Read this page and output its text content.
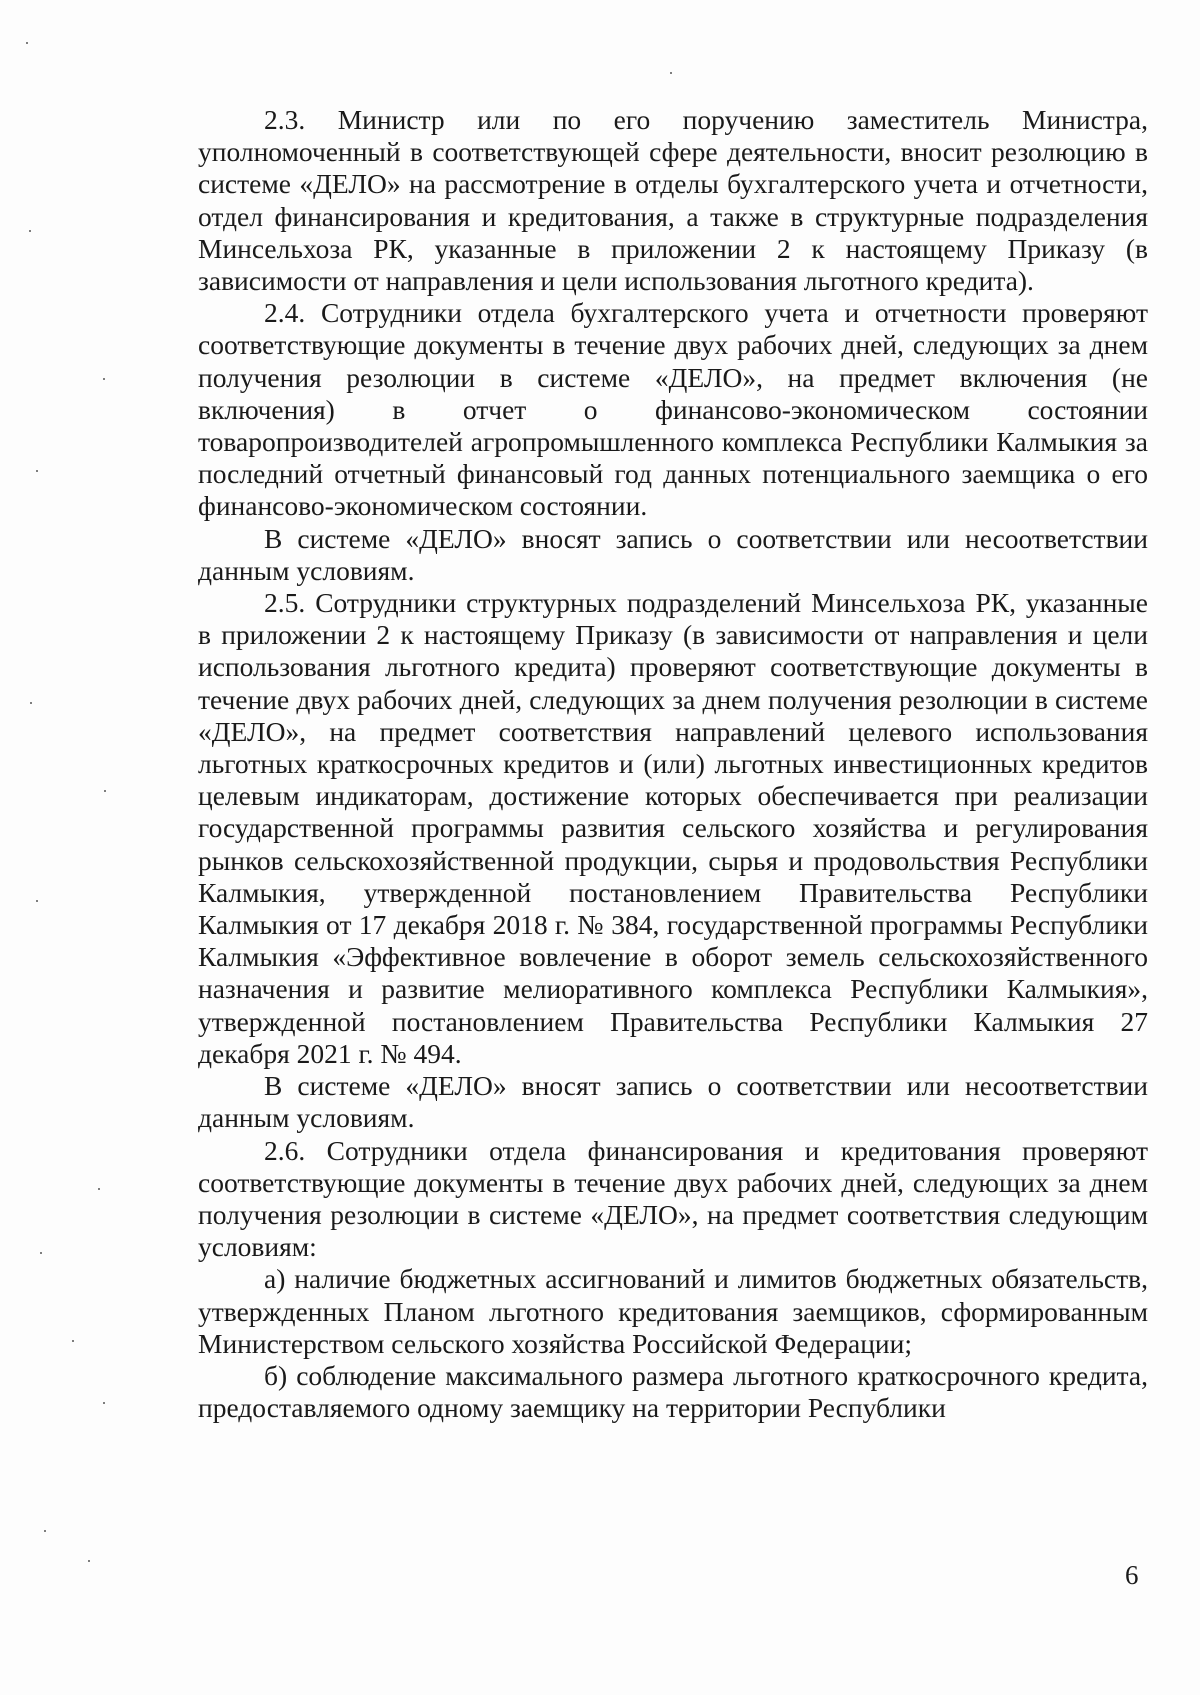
2.3. Министр или по его поручению заместитель Министра, уполномоченный в соответствующей сфере деятельности, вносит резолюцию в системе «ДЕЛО» на рассмотрение в отделы бухгалтерского учета и отчетности, отдел финансирования и кредитования, а также в структурные подразделения Минсельхоза РК, указанные в приложении 2 к настоящему Приказу (в зависимости от направления и цели использования льготного кредита).

2.4. Сотрудники отдела бухгалтерского учета и отчетности проверяют соответствующие документы в течение двух рабочих дней, следующих за днем получения резолюции в системе «ДЕЛО», на предмет включения (не включения) в отчет о финансово-экономическом состоянии товаропроизводителей агропромышленного комплекса Республики Калмыкия за последний отчетный финансовый год данных потенциального заемщика о его финансово-экономическом состоянии.

В системе «ДЕЛО» вносят запись о соответствии или несоответствии данным условиям.

2.5. Сотрудники структурных подразделений Минсельхоза РК, указанные в приложении 2 к настоящему Приказу (в зависимости от направления и цели использования льготного кредита) проверяют соответствующие документы в течение двух рабочих дней, следующих за днем получения резолюции в системе «ДЕЛО», на предмет соответствия направлений целевого использования льготных краткосрочных кредитов и (или) льготных инвестиционных кредитов целевым индикаторам, достижение которых обеспечивается при реализации государственной программы развития сельского хозяйства и регулирования рынков сельскохозяйственной продукции, сырья и продовольствия Республики Калмыкия, утвержденной постановлением Правительства Республики Калмыкия от 17 декабря 2018 г. № 384, государственной программы Республики Калмыкия «Эффективное вовлечение в оборот земель сельскохозяйственного назначения и развитие мелиоративного комплекса Республики Калмыкия», утвержденной постановлением Правительства Республики Калмыкия 27 декабря 2021 г. № 494.

В системе «ДЕЛО» вносят запись о соответствии или несоответствии данным условиям.

2.6. Сотрудники отдела финансирования и кредитования проверяют соответствующие документы в течение двух рабочих дней, следующих за днем получения резолюции в системе «ДЕЛО», на предмет соответствия следующим условиям:

а) наличие бюджетных ассигнований и лимитов бюджетных обязательств, утвержденных Планом льготного кредитования заемщиков, сформированным Министерством сельского хозяйства Российской Федерации;

б) соблюдение максимального размера льготного краткосрочного кредита, предоставляемого одному заемщику на территории Республики

6
